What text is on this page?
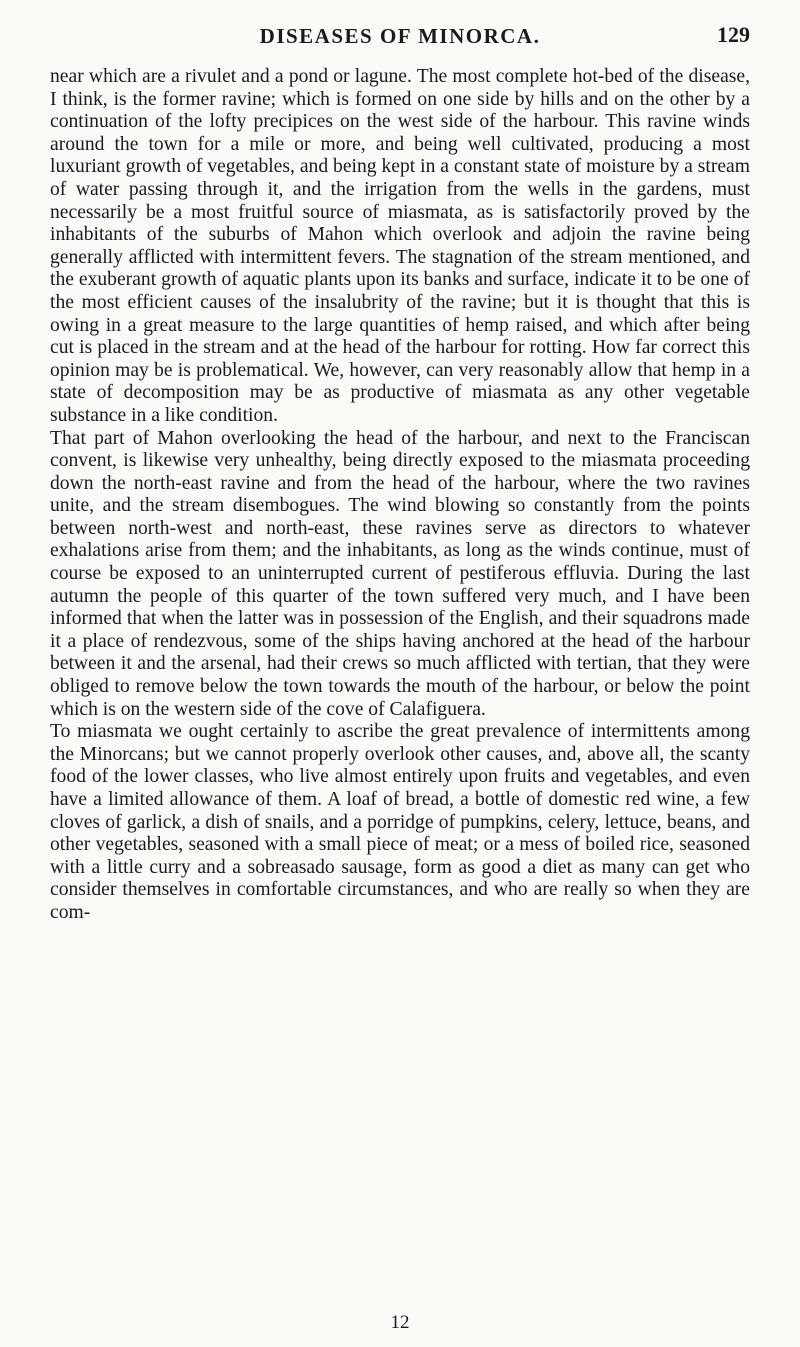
DISEASES OF MINORCA.	129

near which are a rivulet and a pond or lagune. The most complete hot-bed of the disease, I think, is the former ravine; which is formed on one side by hills and on the other by a continuation of the lofty precipices on the west side of the harbour. This ravine winds around the town for a mile or more, and being well cultivated, producing a most luxuriant growth of vegetables, and being kept in a constant state of moisture by a stream of water passing through it, and the irrigation from the wells in the gardens, must necessarily be a most fruitful source of miasmata, as is satisfactorily proved by the inhabitants of the suburbs of Mahon which overlook and adjoin the ravine being generally afflicted with intermittent fevers. The stagnation of the stream mentioned, and the exuberant growth of aquatic plants upon its banks and surface, indicate it to be one of the most efficient causes of the insalubrity of the ravine; but it is thought that this is owing in a great measure to the large quantities of hemp raised, and which after being cut is placed in the stream and at the head of the harbour for rotting. How far correct this opinion may be is problematical. We, however, can very reasonably allow that hemp in a state of decomposition may be as productive of miasmata as any other vegetable substance in a like condition.

That part of Mahon overlooking the head of the harbour, and next to the Franciscan convent, is likewise very unhealthy, being directly exposed to the miasmata proceeding down the north-east ravine and from the head of the harbour, where the two ravines unite, and the stream disembogues. The wind blowing so constantly from the points between north-west and north-east, these ravines serve as directors to whatever exhalations arise from them; and the inhabitants, as long as the winds continue, must of course be exposed to an uninterrupted current of pestiferous effluvia. During the last autumn the people of this quarter of the town suffered very much, and I have been informed that when the latter was in possession of the English, and their squadrons made it a place of rendezvous, some of the ships having anchored at the head of the harbour between it and the arsenal, had their crews so much afflicted with tertian, that they were obliged to remove below the town towards the mouth of the harbour, or below the point which is on the western side of the cove of Calafiguera.

To miasmata we ought certainly to ascribe the great prevalence of intermittents among the Minorcans; but we cannot properly overlook other causes, and, above all, the scanty food of the lower classes, who live almost entirely upon fruits and vegetables, and even have a limited allowance of them. A loaf of bread, a bottle of domestic red wine, a few cloves of garlick, a dish of snails, and a porridge of pumpkins, celery, lettuce, beans, and other vegetables, seasoned with a small piece of meat; or a mess of boiled rice, seasoned with a little curry and a sobreasado sausage, form as good a diet as many can get who consider themselves in comfortable circumstances, and who are really so when they are com-

12
